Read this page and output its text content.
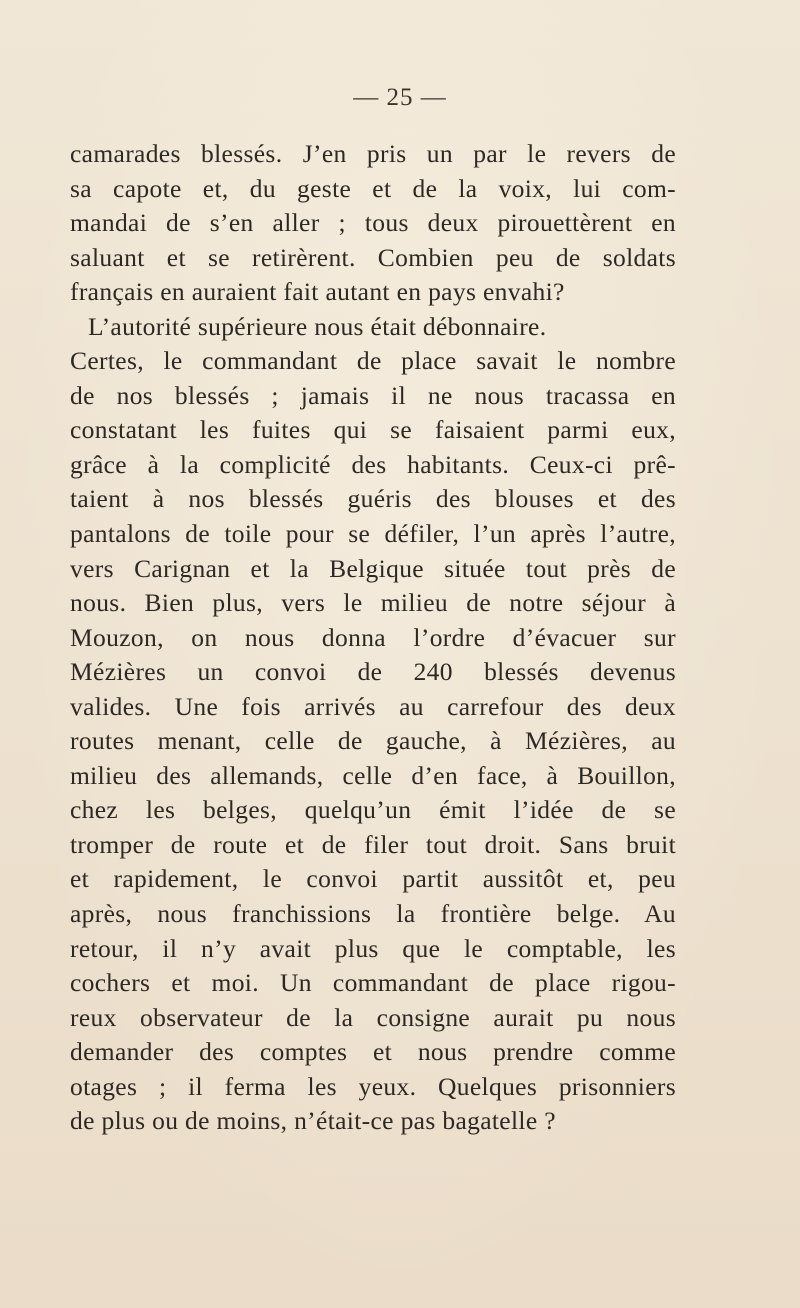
— 25 —
camarades blessés. J’en pris un par le revers de
sa capote et, du geste et de la voix, lui com-
mandai de s’en aller ; tous deux pirouettèrent en
saluant et se retirèrent. Combien peu de soldats
français en auraient fait autant en pays envahi?
L’autorité supérieure nous était débonnaire.
Certes, le commandant de place savait le nombre
de nos blessés ; jamais il ne nous tracassa en
constatant les fuites qui se faisaient parmi eux,
grâce à la complicité des habitants. Ceux-ci prê-
taient à nos blessés guéris des blouses et des
pantalons de toile pour se défiler, l’un après l’autre,
vers Carignan et la Belgique située tout près de
nous. Bien plus, vers le milieu de notre séjour à
Mouzon, on nous donna l’ordre d’évacuer sur
Mézières un convoi de 240 blessés devenus
valides. Une fois arrivés au carrefour des deux
routes menant, celle de gauche, à Mézières, au
milieu des allemands, celle d’en face, à Bouillon,
chez les belges, quelqu’un émit l’idée de se
tromper de route et de filer tout droit. Sans bruit
et rapidement, le convoi partit aussitôt et, peu
après, nous franchissions la frontière belge. Au
retour, il n’y avait plus que le comptable, les
cochers et moi. Un commandant de place rigou-
reux observateur de la consigne aurait pu nous
demander des comptes et nous prendre comme
otages ; il ferma les yeux. Quelques prisonniers
de plus ou de moins, n’était-ce pas bagatelle ?
